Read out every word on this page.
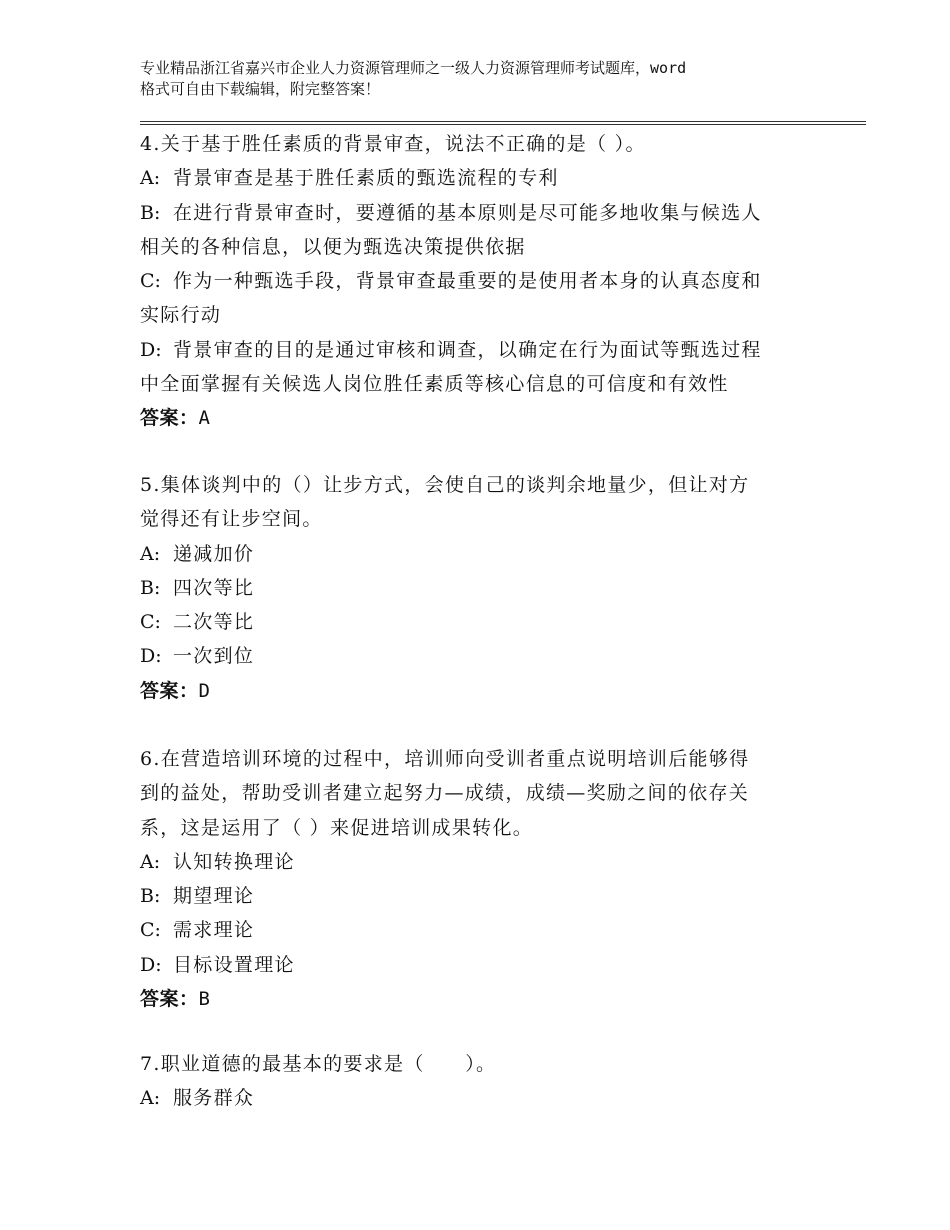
专业精品浙江省嘉兴市企业人力资源管理师之一级人力资源管理师考试题库，word
格式可自由下载编辑，附完整答案！
4.关于基于胜任素质的背景审查，说法不正确的是（ ）。
A: 背景审查是基于胜任素质的甄选流程的专利
B: 在进行背景审查时，要遵循的基本原则是尽可能多地收集与候选人
相关的各种信息，以便为甄选决策提供依据
C: 作为一种甄选手段，背景审查最重要的是使用者本身的认真态度和
实际行动
D: 背景审查的目的是通过审核和调查，以确定在行为面试等甄选过程
中全面掌握有关候选人岗位胜任素质等核心信息的可信度和有效性
答案：A
5.集体谈判中的（）让步方式，会使自己的谈判余地量少，但让对方
觉得还有让步空间。
A: 递减加价
B: 四次等比
C: 二次等比
D: 一次到位
答案：D
6.在营造培训环境的过程中，培训师向受训者重点说明培训后能够得
到的益处，帮助受训者建立起努力—成绩，成绩—奖励之间的依存关
系，这是运用了（ ）来促进培训成果转化。
A: 认知转换理论
B: 期望理论
C: 需求理论
D: 目标设置理论
答案：B
7.职业道德的最基本的要求是（　　）。
A: 服务群众
